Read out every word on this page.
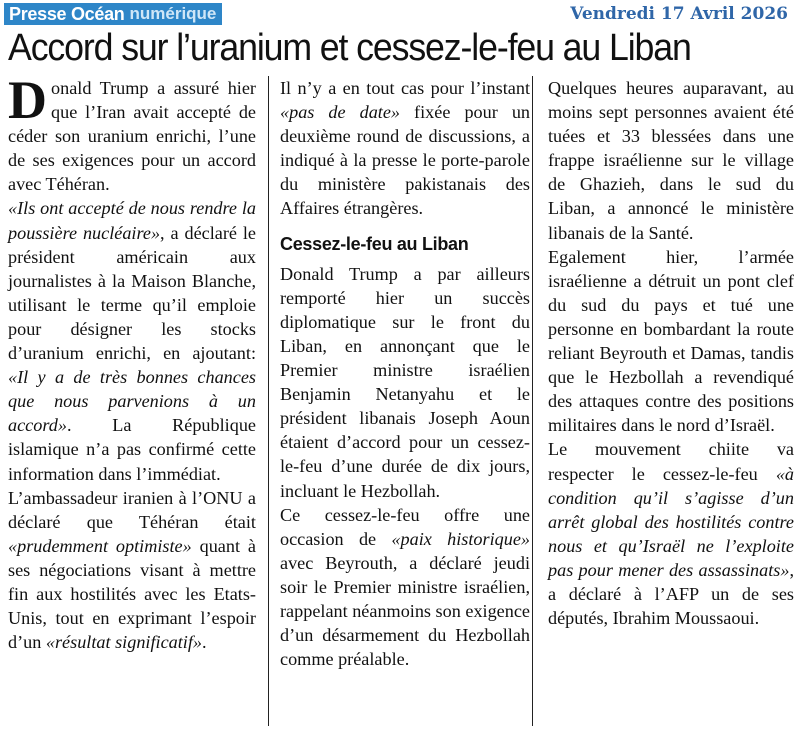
Presse Océan numérique	Vendredi 17 Avril 2026
Accord sur l’uranium et cessez-le-feu au Liban

Donald Trump a assuré hier que l’Iran avait accepté de céder son uranium enrichi, l’une de ses exigences pour un accord avec Téhéran.

«Ils ont accepté de nous rendre la poussière nucléaire», a déclaré le président américain aux journalistes à la Maison Blanche, utilisant le terme qu’il emploie pour désigner les stocks d’uranium enrichi, en ajoutant: «Il y a de très bonnes chances que nous parvenions à un accord». La République islamique n’a pas confirmé cette information dans l’immédiat.

L’ambassadeur iranien à l’ONU a déclaré que Téhéran était «prudemment optimiste» quant à ses négociations visant à mettre fin aux hostilités avec les Etats-Unis, tout en exprimant l’espoir d’un «résultat significatif».

Il n’y a en tout cas pour l’instant «pas de date» fixée pour un deuxième round de discussions, a indiqué à la presse le porte-parole du ministère pakistanais des Affaires étrangères.

Cessez-le-feu au Liban

Donald Trump a par ailleurs remporté hier un succès diplomatique sur le front du Liban, en annonçant que le Premier ministre israélien Benjamin Netanyahu et le président libanais Joseph Aoun étaient d’accord pour un cessez-le-feu d’une durée de dix jours, incluant le Hezbollah.

Ce cessez-le-feu offre une occasion de «paix historique» avec Beyrouth, a déclaré jeudi soir le Premier ministre israélien, rappelant néanmoins son exigence d’un désarmement du Hezbollah comme préalable.

Quelques heures auparavant, au moins sept personnes avaient été tuées et 33 blessées dans une frappe israélienne sur le village de Ghazieh, dans le sud du Liban, a annoncé le ministère libanais de la Santé.

Egalement hier, l’armée israélienne a détruit un pont clef du sud du pays et tué une personne en bombardant la route reliant Beyrouth et Damas, tandis que le Hezbollah a revendiqué des attaques contre des positions militaires dans le nord d’Israël.

Le mouvement chiite va respecter le cessez-le-feu «à condition qu’il s’agisse d’un arrêt global des hostilités contre nous et qu’Israël ne l’exploite pas pour mener des assassinats», a déclaré à l’AFP un de ses députés, Ibrahim Moussaoui.
